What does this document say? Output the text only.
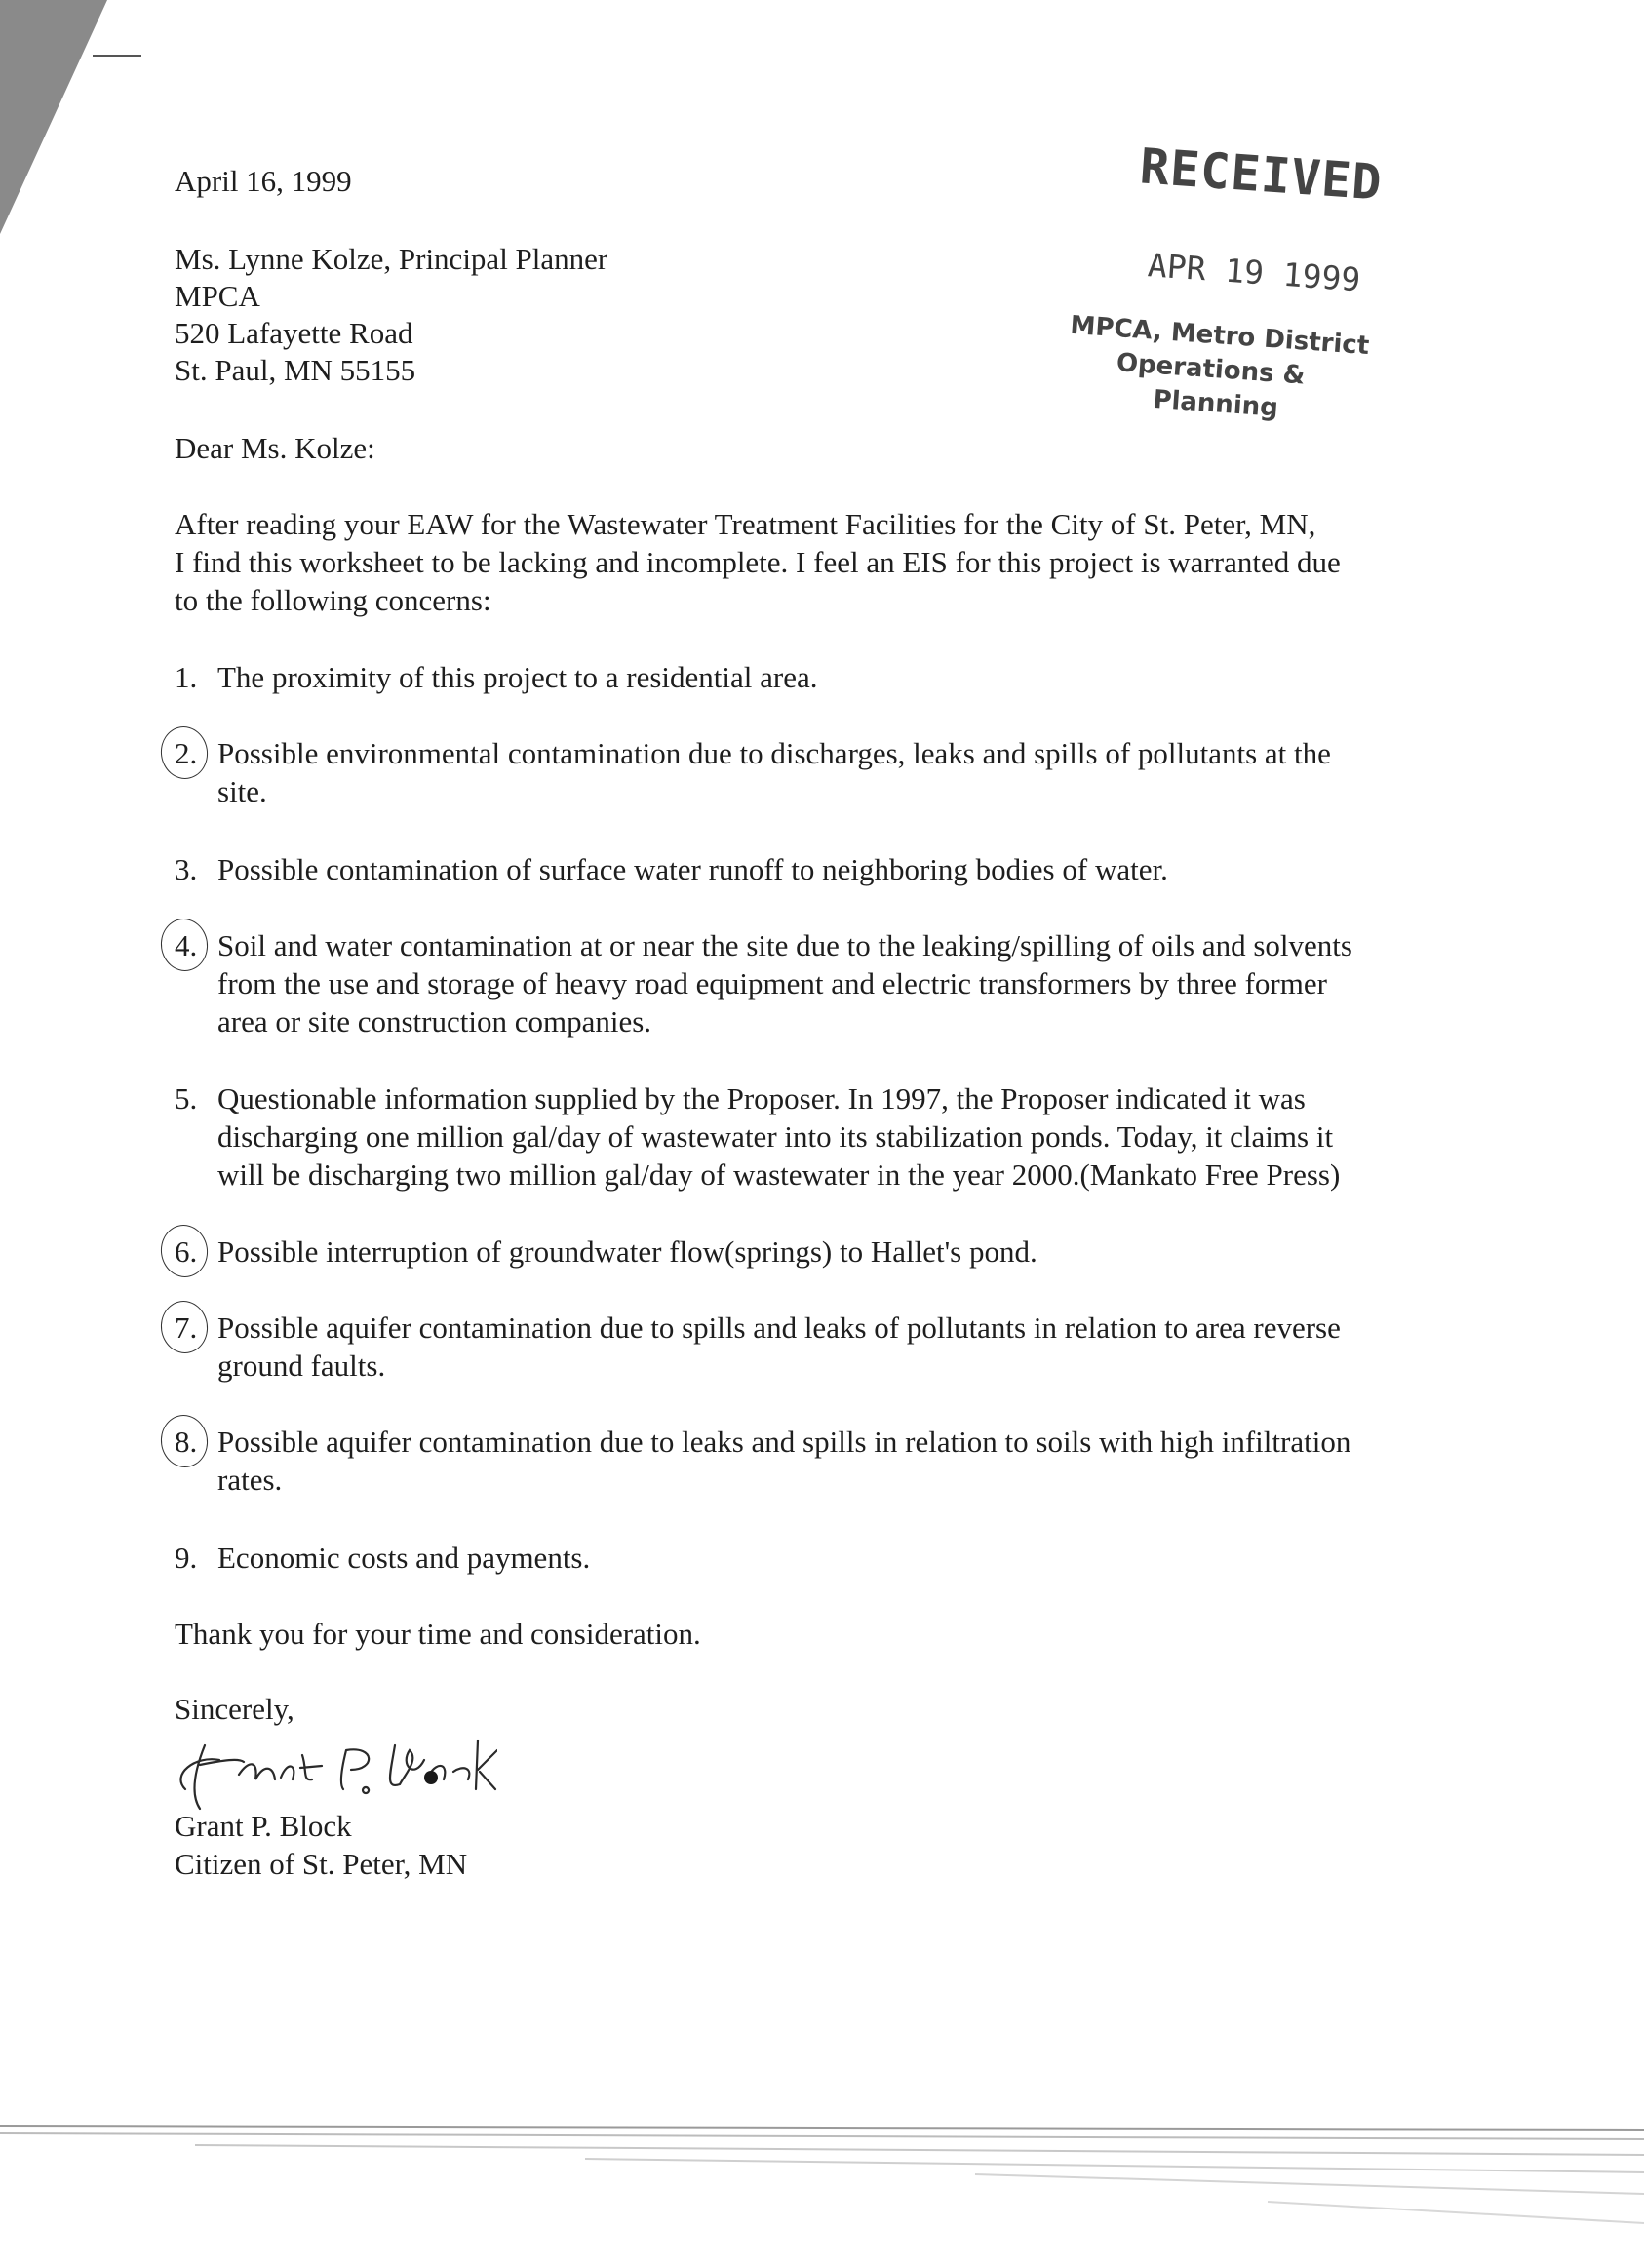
April 16, 1999
Ms. Lynne Kolze, Principal Planner
MPCA
520 Lafayette Road
St. Paul, MN 55155
Dear Ms. Kolze:
After reading your EAW for the Wastewater Treatment Facilities for the City of St. Peter, MN,
I find this worksheet to be lacking and incomplete. I feel an EIS for this project is warranted due
to the following concerns:
1. The proximity of this project to a residential area.
2. Possible environmental contamination due to discharges, leaks and spills of pollutants at the
site.
3. Possible contamination of surface water runoff to neighboring bodies of water.
4. Soil and water contamination at or near the site due to the leaking/spilling of oils and solvents
from the use and storage of heavy road equipment and electric transformers by three former
area or site construction companies.
5. Questionable information supplied by the Proposer. In 1997, the Proposer indicated it was
discharging one million gal/day of wastewater into its stabilization ponds. Today, it claims it
will be discharging two million gal/day of wastewater in the year 2000.(Mankato Free Press)
6. Possible interruption of groundwater flow(springs) to Hallet's pond.
7. Possible aquifer contamination due to spills and leaks of pollutants in relation to area reverse
ground faults.
8. Possible aquifer contamination due to leaks and spills in relation to soils with high infiltration
rates.
9. Economic costs and payments.
Thank you for your time and consideration.
Sincerely,
Grant P. Block
Citizen of St. Peter, MN
RECEIVED
APR 19 1999
MPCA, Metro District
Operations &
Planning
